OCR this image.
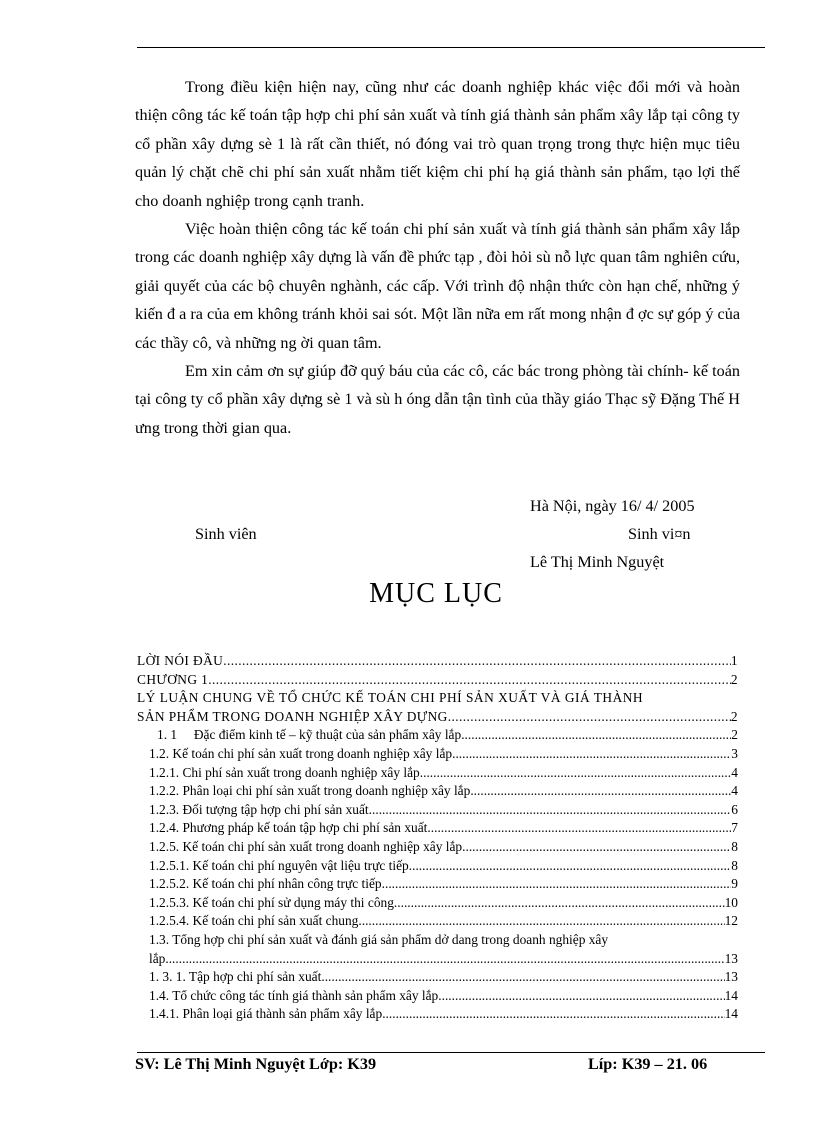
Trong điều kiện hiện nay, cũng như các doanh nghiệp khác việc đổi mới và hoàn thiện công tác kế toán tập hợp chi phí sản xuất và tính giá thành sản phẩm xây lắp tại công ty cổ phần xây dựng sè 1 là rất cần thiết, nó đóng vai trò quan trọng trong thực hiện mục tiêu quản lý chặt chẽ chi phí sản xuất nhằm tiết kiệm chi phí hạ giá thành sản phẩm, tạo lợi thế cho doanh nghiệp trong cạnh tranh.

Việc hoàn thiện công tác kế toán chi phí sản xuất và tính giá thành sản phẩm xây lắp trong các doanh nghiệp xây dựng là vấn đề phức tạp , đòi hỏi sù nỗ lực quan tâm nghiên cứu, giải quyết của các bộ chuyên nghành, các cấp. Với trình độ nhận thức còn hạn chế, những ý kiến đ a ra của em không tránh khỏi sai sót. Một lần nữa em rất mong nhận đ ợc sự góp ý của các thầy cô, và những ng ời quan tâm.

Em xin cảm ơn sự giúp đỡ quý báu của các cô, các bác trong phòng tài chính- kế toán tại công ty cổ phần xây dựng sè 1 và sù h óng dẫn tận tình của thầy giáo Thạc sỹ Đặng Thế H ưng trong thời gian qua.

Hà Nội, ngày 16/ 4/ 2005
Sinh viên	Sinh vi¤n
Lê Thị Minh Nguyệt
MỤC LỤC
LỜI NÓI ĐẦU .....	1
CHƯƠNG 1 .....	2
LÝ LUẬN CHUNG VỀ TỔ CHỨC KẾ TOÁN CHI PHÍ SẢN XUẤT VÀ GIÁ THÀNH
SẢN PHẨM TRONG DOANH NGHIỆP XÂY DỰNG .....	2
1. 1     Đặc điểm kinh tế – kỹ thuật của sản phẩm xây lắp .....	2
1.2. Kế toán chi phí sản xuất trong doanh nghiệp xây lắp .....	3
1.2.1. Chi phí sản xuất trong doanh nghiệp xây lắp .....	4
1.2.2. Phân loại chi phí sản xuất trong doanh nghiệp xây lắp .....	4
1.2.3. Đối tượng tập hợp chi phí sản xuất .....	6
1.2.4. Phương pháp kế toán tập hợp chi phí sản xuất .....	7
1.2.5. Kế toán chi phí sản xuất trong doanh nghiệp xây lắp .....	8
1.2.5.1. Kế toán chi phí nguyên vật liệu trực tiếp .....	8
1.2.5.2. Kế toán chi phí nhân công trực tiếp .....	9
1.2.5.3. Kế toán chi phí sử dụng máy thi công. .....	10
1.2.5.4. Kế toán chi phí sản xuất chung .....	12
1.3. Tổng hợp chi phí sản xuất và đánh giá sản phẩm dở dang trong doanh nghiệp xây
lắp .....	13
1. 3. 1. Tập hợp chi phí sản xuất .....	13
1.4. Tổ chức công tác tính giá thành sản phẩm xây lắp .....	14
1.4.1. Phân loại giá thành sản phẩm xây lắp .....	14
SV: Lê Thị Minh Nguyệt Lớp: K39	Líp: K39 – 21. 06
